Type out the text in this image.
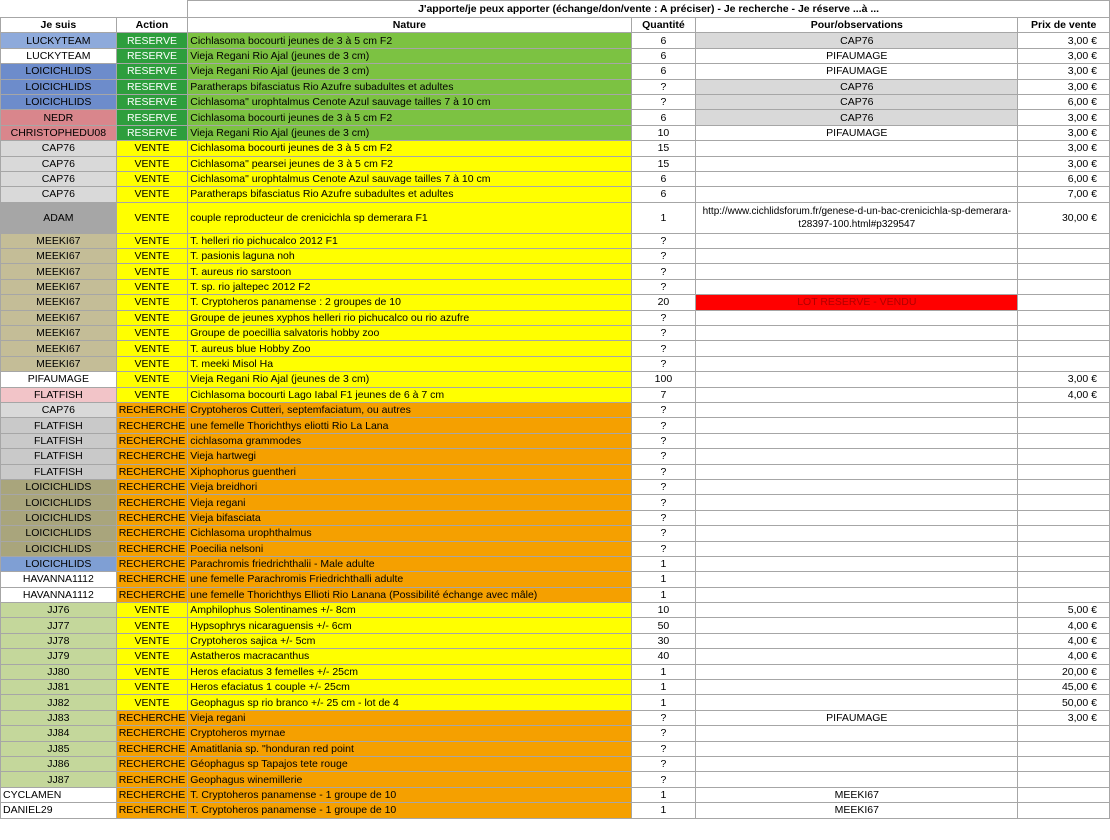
		J'apporte/je peux apporter (échange/don/vente : A préciser) - Je recherche - Je réserve ...à ...			
Je suis	Action	Nature	Quantité	Pour/observations	Prix de vente
LUCKYTEAM	RESERVE	Cichlasoma bocourti jeunes de 3 à 5 cm F2	6	CAP76	3,00 €
LUCKYTEAM	RESERVE	Vieja Regani Rio Ajal (jeunes de 3 cm)	6	PIFAUMAGE	3,00 €
LOICICHLIDS	RESERVE	Vieja Regani Rio Ajal (jeunes de 3 cm)	6	PIFAUMAGE	3,00 €
LOICICHLIDS	RESERVE	Paratheraps bifasciatus Rio Azufre subadultes et adultes	?	CAP76	3,00 €
LOICICHLIDS	RESERVE	Cichlasoma" urophtalmus Cenote Azul sauvage tailles 7 à 10 cm	?	CAP76	6,00 €
NEDR	RESERVE	Cichlasoma bocourti jeunes de 3 à 5 cm F2	6	CAP76	3,00 €
CHRISTOPHEDU08	RESERVE	Vieja Regani Rio Ajal (jeunes de 3 cm)	10	PIFAUMAGE	3,00 €
CAP76	VENTE	Cichlasoma bocourti jeunes de 3 à 5 cm F2	15		3,00 €
CAP76	VENTE	Cichlasoma" pearsei jeunes de 3 à 5 cm F2	15		3,00 €
CAP76	VENTE	Cichlasoma" urophtalmus Cenote Azul sauvage tailles 7 à 10 cm	6		6,00 €
CAP76	VENTE	Paratheraps bifasciatus Rio Azufre subadultes et adultes	6		7,00 €
ADAM	VENTE	couple reproducteur de crenicichla sp demerara F1	1	http://www.cichlidsforum.fr/genese-d-un-bac-crenicichla-sp-demerara-t28397-100.html#p329547	30,00 €
MEEKI67	VENTE	T. helleri rio pichucalco 2012 F1	?		
MEEKI67	VENTE	T. pasionis laguna noh	?		
MEEKI67	VENTE	T. aureus rio sarstoon	?		
MEEKI67	VENTE	T. sp. rio jaltepec 2012 F2	?		
MEEKI67	VENTE	T. Cryptoheros panamense : 2 groupes de 10	20	LOT RESERVE - VENDU	
MEEKI67	VENTE	Groupe de jeunes xyphos helleri rio pichucalco ou rio azufre	?		
MEEKI67	VENTE	Groupe de poecillia salvatoris hobby zoo	?		
MEEKI67	VENTE	T. aureus blue Hobby Zoo	?		
MEEKI67	VENTE	T. meeki Misol Ha	?		
PIFAUMAGE	VENTE	Vieja Regani Rio Ajal (jeunes de 3 cm)	100		3,00 €
FLATFISH	VENTE	Cichlasoma bocourti Lago Iabal F1 jeunes de 6 à 7 cm	7		4,00 €
CAP76	RECHERCHE	Cryptoheros Cutteri, septemfaciatum, ou autres	?		
FLATFISH	RECHERCHE	une femelle Thorichthys eliotti Rio La Lana	?		
FLATFISH	RECHERCHE	cichlasoma grammodes	?		
FLATFISH	RECHERCHE	Vieja hartwegi	?		
FLATFISH	RECHERCHE	Xiphophorus guentheri	?		
LOICICHLIDS	RECHERCHE	Vieja breidhori	?		
LOICICHLIDS	RECHERCHE	Vieja regani	?		
LOICICHLIDS	RECHERCHE	Vieja bifasciata	?		
LOICICHLIDS	RECHERCHE	Cichlasoma urophthalmus	?		
LOICICHLIDS	RECHERCHE	Poecilia nelsoni	?		
LOICICHLIDS	RECHERCHE	Parachromis friedrichthalii - Male adulte	1		
HAVANNA1112	RECHERCHE	une femelle Parachromis Friedrichthalli adulte	1		
HAVANNA1112	RECHERCHE	une femelle Thorichthys Ellioti Rio Lanana (Possibilité échange avec mâle)	1		
JJ76	VENTE	Amphilophus Solentinames +/- 8cm	10		5,00 €
JJ77	VENTE	Hypsophrys nicaraguensis +/- 6cm	50		4,00 €
JJ78	VENTE	Cryptoheros sajica +/- 5cm	30		4,00 €
JJ79	VENTE	Astatheros macracanthus	40		4,00 €
JJ80	VENTE	Heros efaciatus 3 femelles +/- 25cm	1		20,00 €
JJ81	VENTE	Heros efaciatus 1 couple +/- 25cm	1		45,00 €
JJ82	VENTE	Geophagus sp rio branco +/- 25 cm - lot de 4	1		50,00 €
JJ83	RECHERCHE	Vieja regani	?	PIFAUMAGE	3,00 €
JJ84	RECHERCHE	Cryptoheros myrnae	?		
JJ85	RECHERCHE	Amatitlania sp. "honduran red point	?		
JJ86	RECHERCHE	Géophagus sp Tapajos tete rouge	?		
JJ87	RECHERCHE	Geophagus winemillerie	?		
CYCLAMEN	RECHERCHE	T. Cryptoheros panamense - 1 groupe de 10	1	MEEKI67	
DANIEL29	RECHERCHE	T. Cryptoheros panamense - 1 groupe de 10	1	MEEKI67	
